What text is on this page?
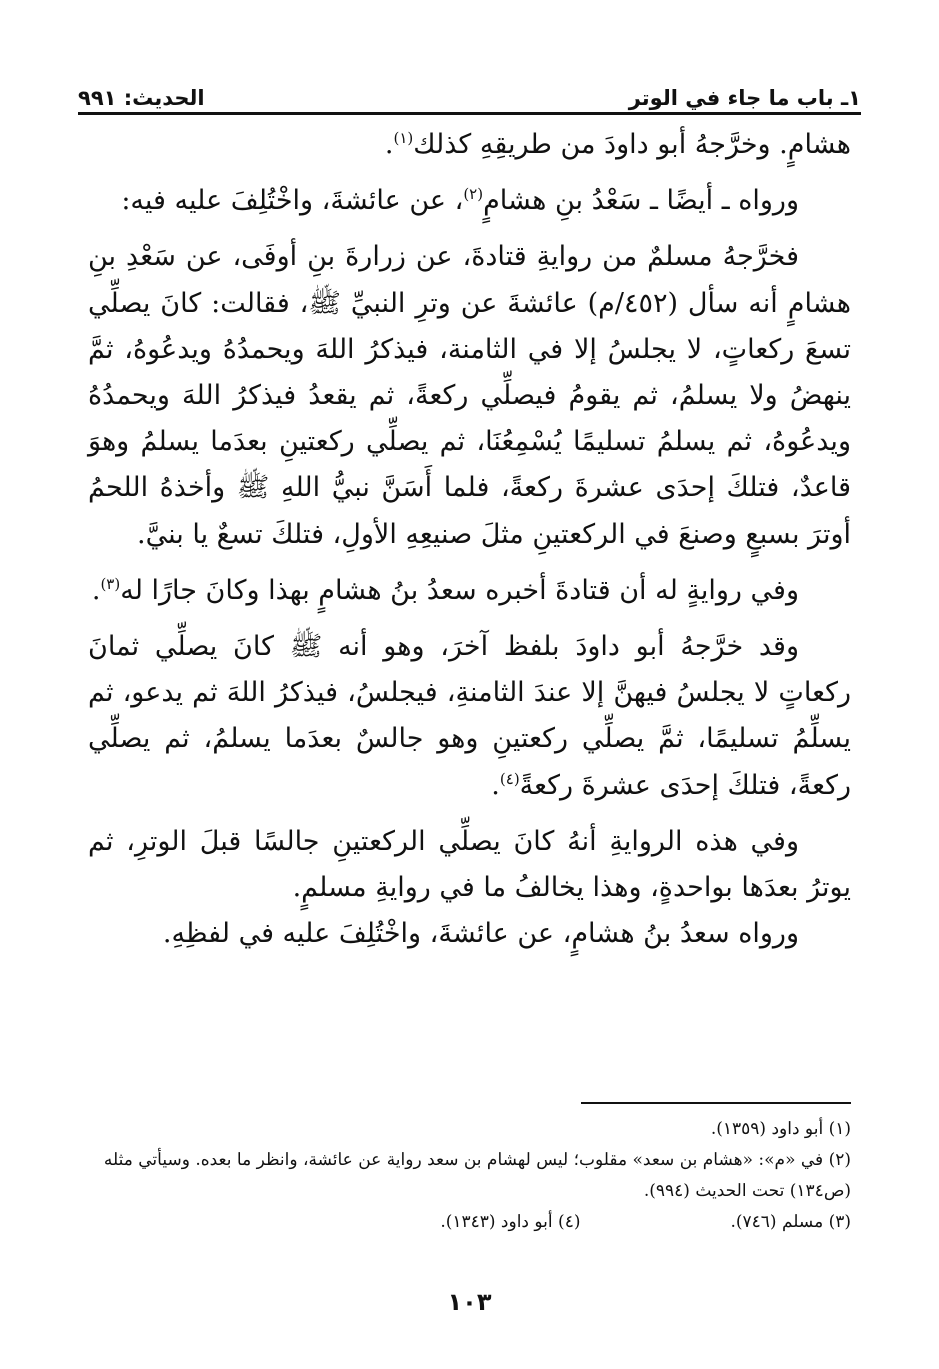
١ـ باب ما جاء في الوتر
الحديث: ٩٩١

هشامٍ. وخرَّجهُ أبو داودَ من طريقِهِ كذلك$^{(١)}$.

ورواه ـ أيضًا ـ سَعْدُ بنِ هشامٍ$^{(٢)}$، عن عائشةَ، واخْتُلِفَ عليه فيه:

فخرَّجهُ مسلمٌ من روايةِ قتادةَ، عن زرارةَ بنِ أوفَى، عن سَعْدِ بنِ هشامٍ أنه سأل (٤٥٢/م) عائشةَ عن وترِ النبيِّ ﷺ، فقالت: كانَ يصلِّي تسعَ ركعاتٍ، لا يجلسُ إلا في الثامنة، فيذكرُ اللهَ ويحمدُهُ ويدعُوهُ، ثمَّ ينهضُ ولا يسلمُ، ثم يقومُ فيصلِّي ركعةً، ثم يقعدُ فيذكرُ اللهَ ويحمدُهُ ويدعُوهُ، ثم يسلمُ تسليمًا يُسْمِعُنَا، ثم يصلِّي ركعتينِ بعدَما يسلمُ وهوَ قاعدٌ، فتلكَ إحدَى عشرةَ ركعةً، فلما أَسَنَّ نبيُّ اللهِ ﷺ وأخذهُ اللحمُ أوترَ بسبعٍ وصنعَ في الركعتينِ مثلَ صنيعِهِ الأولِ، فتلكَ تسعٌ يا بنيَّ.

وفي روايةٍ له أن قتادةَ أخبره سعدُ بنُ هشامٍ بهذا وكانَ جارًا له$^{(٣)}$.

وقد خرَّجهُ أبو داودَ بلفظ آخرَ، وهو أنه ﷺ كانَ يصلِّي ثمانَ ركعاتٍ لا يجلسُ فيهنَّ إلا عندَ الثامنةِ، فيجلسُ، فيذكرُ اللهَ ثم يدعو، ثم يسلِّمُ تسليمًا، ثمَّ يصلِّي ركعتينِ وهو جالسٌ بعدَما يسلمُ، ثم يصلِّي ركعةً، فتلكَ إحدَى عشرةَ ركعةً$^{(٤)}$.

وفي هذه الروايةِ أنهُ كانَ يصلِّي الركعتينِ جالسًا قبلَ الوترِ، ثم يوترُ بعدَها بواحدةٍ، وهذا يخالفُ ما في روايةِ مسلمٍ.

ورواه سعدُ بنُ هشامٍ، عن عائشةَ، واخْتُلِفَ عليه في لفظِهِ.

(١) أبو داود (١٣٥٩).

(٢) في «م»: «هشام بن سعد» مقلوب؛ ليس لهشام بن سعد رواية عن عائشة، وانظر ما بعده. وسيأتي مثله (ص١٣٤) تحت الحديث (٩٩٤).

(٣) مسلم (٧٤٦).
(٤) أبو داود (١٣٤٣).
١٠٣
